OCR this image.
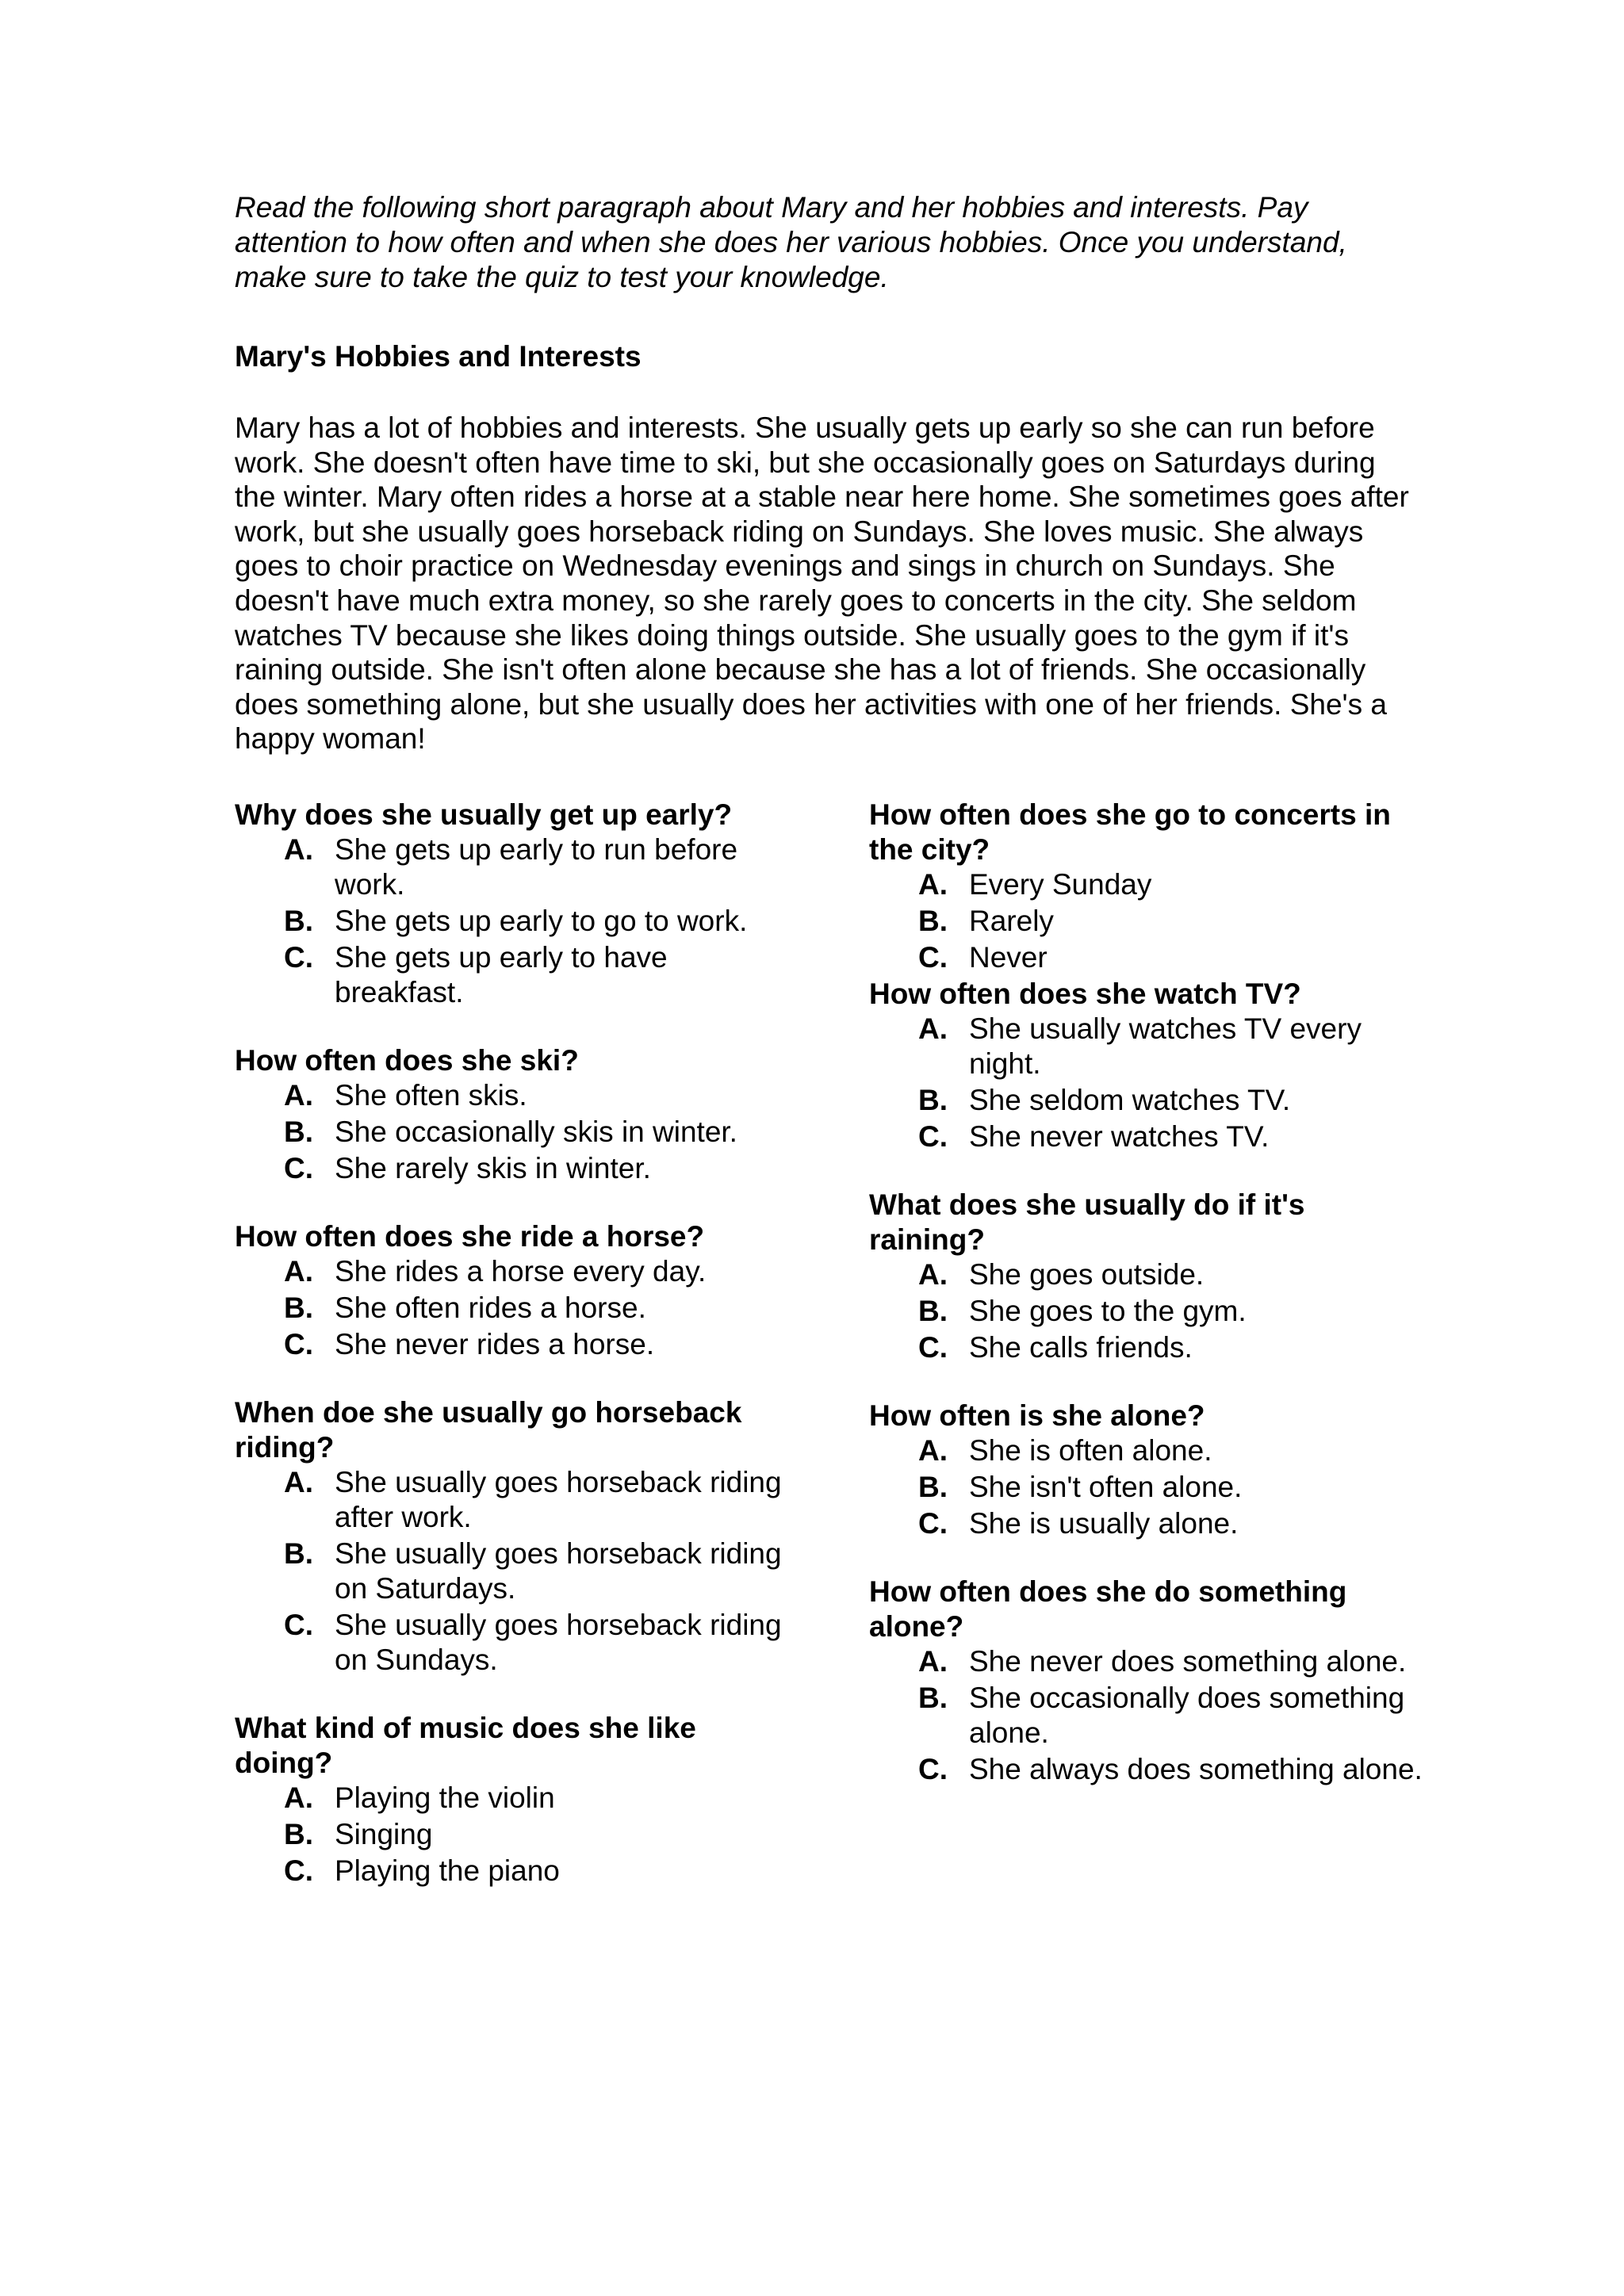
Read the following short paragraph about Mary and her hobbies and interests. Pay attention to how often and when she does her various hobbies. Once you understand, make sure to take the quiz to test your knowledge.

Mary's Hobbies and Interests

Mary has a lot of hobbies and interests. She usually gets up early so she can run before work. She doesn't often have time to ski, but she occasionally goes on Saturdays during the winter. Mary often rides a horse at a stable near here home. She sometimes goes after work, but she usually goes horseback riding on Sundays. She loves music. She always goes to choir practice on Wednesday evenings and sings in church on Sundays. She doesn't have much extra money, so she rarely goes to concerts in the city. She seldom watches TV because she likes doing things outside. She usually goes to the gym if it's raining outside. She isn't often alone because she has a lot of friends. She occasionally does something alone, but she usually does her activities with one of her friends. She's a happy woman!

Why does she usually get up early?

A. She gets up early to run before work.
B. She gets up early to go to work.
C. She gets up early to have breakfast.

How often does she ski?

A. She often skis.
B. She occasionally skis in winter.
C. She rarely skis in winter.

How often does she ride a horse?

A. She rides a horse every day.
B. She often rides a horse.
C. She never rides a horse.

When doe she usually go horseback riding?

A. She usually goes horseback riding after work.
B. She usually goes horseback riding on Saturdays.
C. She usually goes horseback riding on Sundays.

What kind of music does she like doing?

A. Playing the violin
B. Singing
C. Playing the piano

How often does she go to concerts in the city?

A. Every Sunday
B. Rarely
C. Never

How often does she watch TV?

A. She usually watches TV every night.
B. She seldom watches TV.
C. She never watches TV.

What does she usually do if it's raining?

A. She goes outside.
B. She goes to the gym.
C. She calls friends.

How often is she alone?

A. She is often alone.
B. She isn't often alone.
C. She is usually alone.

How often does she do something alone?

A. She never does something alone.
B. She occasionally does something alone.
C. She always does something alone.
